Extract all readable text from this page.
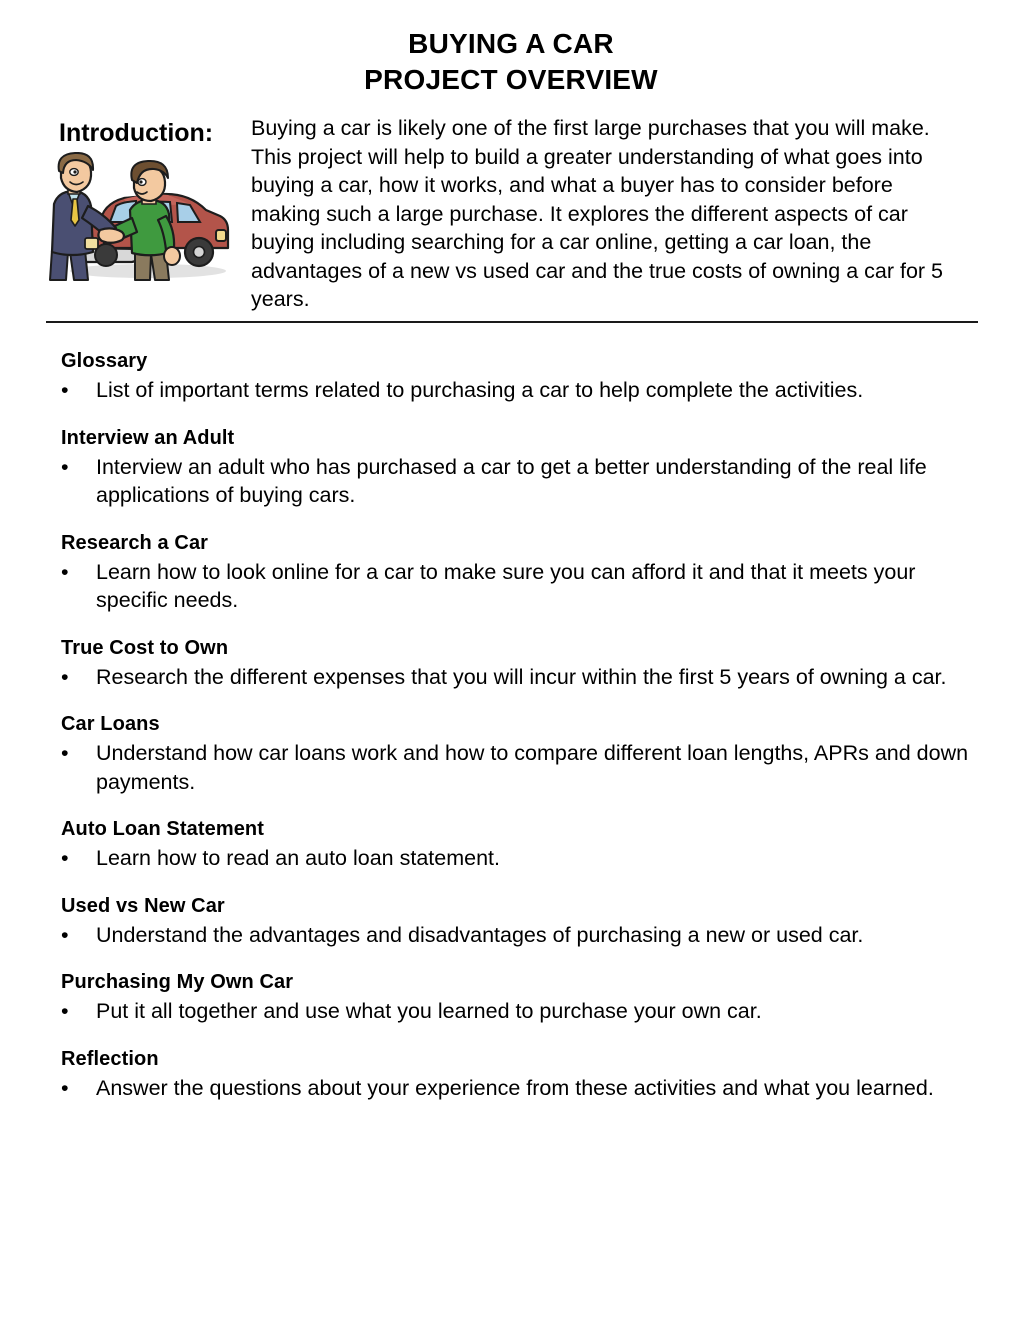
BUYING A CAR
PROJECT OVERVIEW
Introduction: Buying a car is likely one of the first large purchases that you will make. This project will help to build a greater understanding of what goes into buying a car, how it works, and what a buyer has to consider before making such a large purchase. It explores the different aspects of car buying including searching for a car online, getting a car loan, the advantages of a new vs used car and the true costs of owning a car for 5 years.
Glossary
•	List of important terms related to purchasing a car to help complete the activities.
Interview an Adult
•	Interview an adult who has purchased a car to get a better understanding of the real life applications of buying cars.
Research a Car
•	Learn how to look online for a car to make sure you can afford it and that it meets your specific needs.
True Cost to Own
•	Research the different expenses that you will incur within the first 5 years of owning a car.
Car Loans
•	Understand how car loans work and how to compare different loan lengths, APRs and down payments.
Auto Loan Statement
•	Learn how to read an auto loan statement.
Used vs New Car
•	Understand the advantages and disadvantages of purchasing a new or used car.
Purchasing My Own Car
•	Put it all together and use what you learned to purchase your own car.
Reflection
•	Answer the questions about your experience from these activities and what you learned.
